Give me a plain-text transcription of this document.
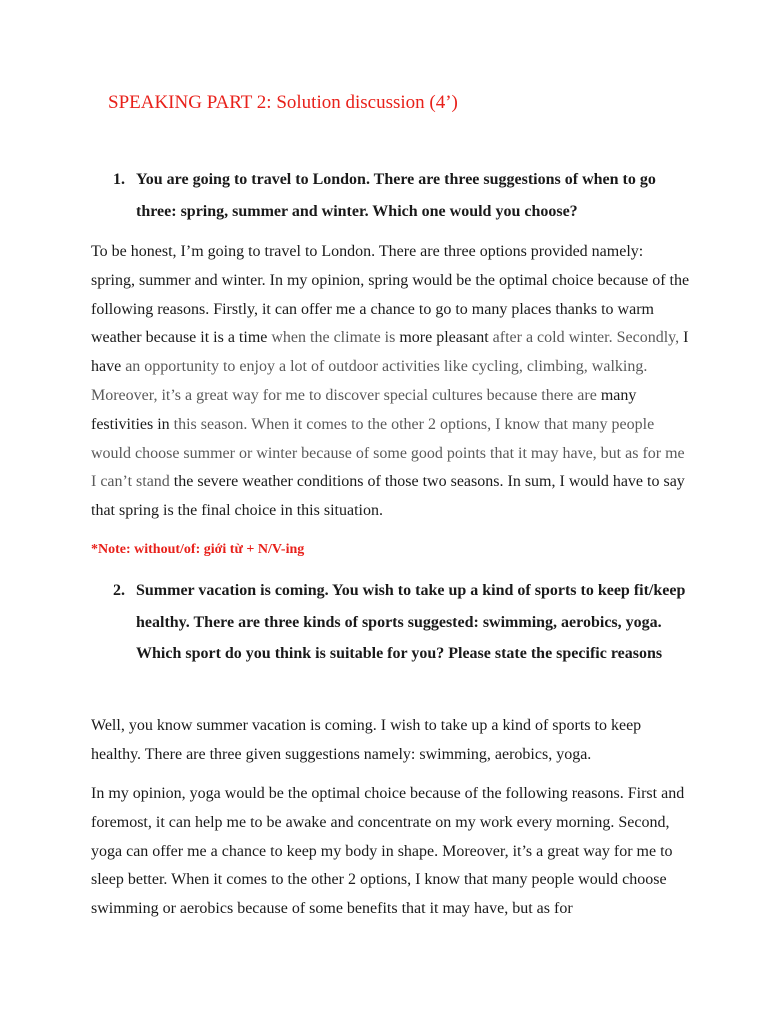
SPEAKING PART 2: Solution discussion (4’)
1. You are going to travel to London. There are three suggestions of when to go three: spring, summer and winter. Which one would you choose?

To be honest, I’m going to travel to London. There are three options provided namely: spring, summer and winter. In my opinion, spring would be the optimal choice because of the following reasons. Firstly, it can offer me a chance to go to many places thanks to warm weather because it is a time when the climate is more pleasant after a cold winter. Secondly, I have an opportunity to enjoy a lot of outdoor activities like cycling, climbing, walking. Moreover, it’s a great way for me to discover special cultures because there are many festivities in this season. When it comes to the other 2 options, I know that many people would choose summer or winter because of some good points that it may have, but as for me I can’t stand the severe weather conditions of those two seasons. In sum, I would have to say that spring is the final choice in this situation.

*Note: without/of: giới từ + N/V-ing
2. Summer vacation is coming. You wish to take up a kind of sports to keep fit/keep healthy. There are three kinds of sports suggested: swimming, aerobics, yoga. Which sport do you think is suitable for you? Please state the specific reasons

Well, you know summer vacation is coming. I wish to take up a kind of sports to keep healthy. There are three given suggestions namely: swimming, aerobics, yoga.

In my opinion, yoga would be the optimal choice because of the following reasons. First and foremost, it can help me to be awake and concentrate on my work every morning. Second, yoga can offer me a chance to keep my body in shape. Moreover, it’s a great way for me to sleep better. When it comes to the other 2 options, I know that many people would choose swimming or aerobics because of some benefits that it may have, but as for
